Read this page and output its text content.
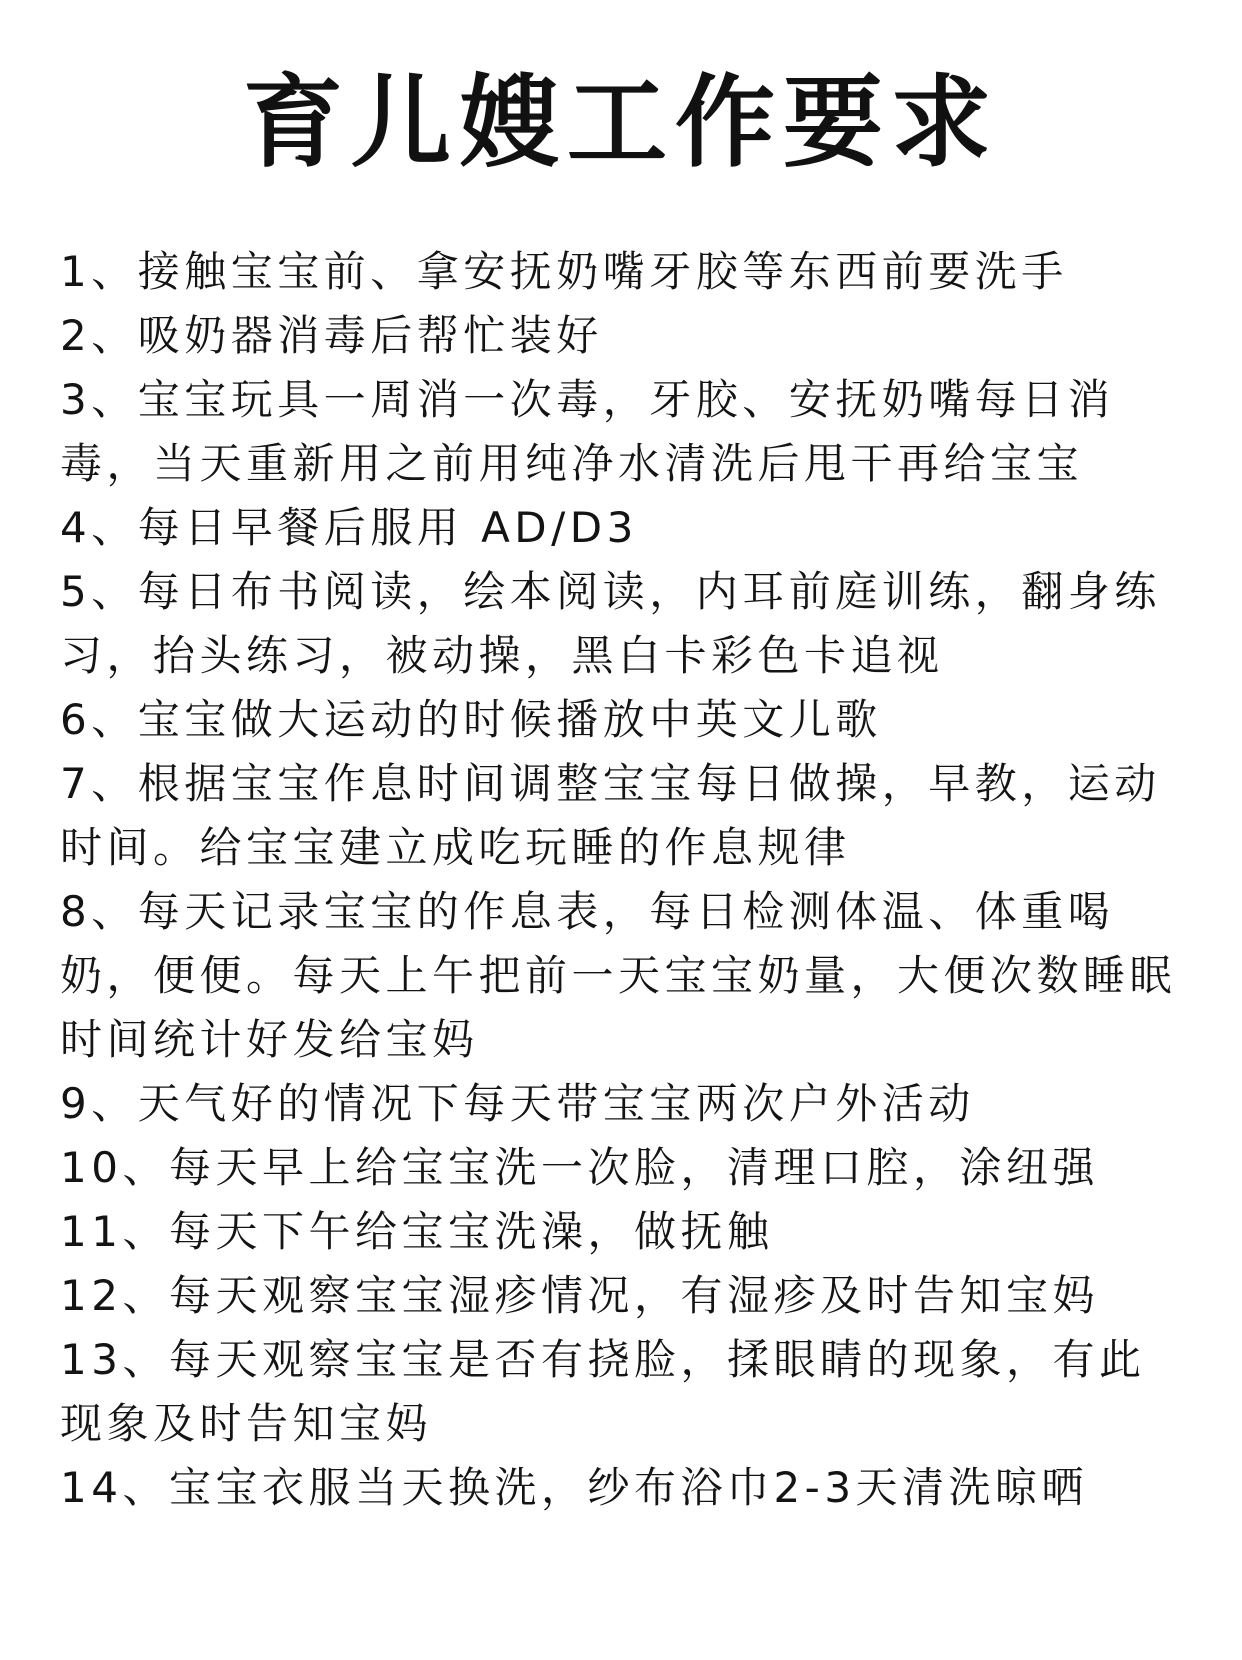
育儿嫂工作要求
1、接触宝宝前、拿安抚奶嘴牙胶等东西前要洗手
2、吸奶器消毒后帮忙装好
3、宝宝玩具一周消一次毒，牙胶、安抚奶嘴每日消毒，当天重新用之前用纯净水清洗后甩干再给宝宝
4、每日早餐后服用 AD/D3
5、每日布书阅读，绘本阅读，内耳前庭训练，翻身练习，抬头练习，被动操，黑白卡彩色卡追视
6、宝宝做大运动的时候播放中英文儿歌
7、根据宝宝作息时间调整宝宝每日做操，早教，运动时间。给宝宝建立成吃玩睡的作息规律
8、每天记录宝宝的作息表，每日检测体温、体重喝奶，便便。每天上午把前一天宝宝奶量，大便次数睡眠时间统计好发给宝妈
9、天气好的情况下每天带宝宝两次户外活动
10、每天早上给宝宝洗一次脸，清理口腔，涂纽强
11、每天下午给宝宝洗澡，做抚触
12、每天观察宝宝湿疹情况，有湿疹及时告知宝妈
13、每天观察宝宝是否有挠脸，揉眼睛的现象，有此现象及时告知宝妈
14、宝宝衣服当天换洗，纱布浴巾2-3天清洗晾晒
